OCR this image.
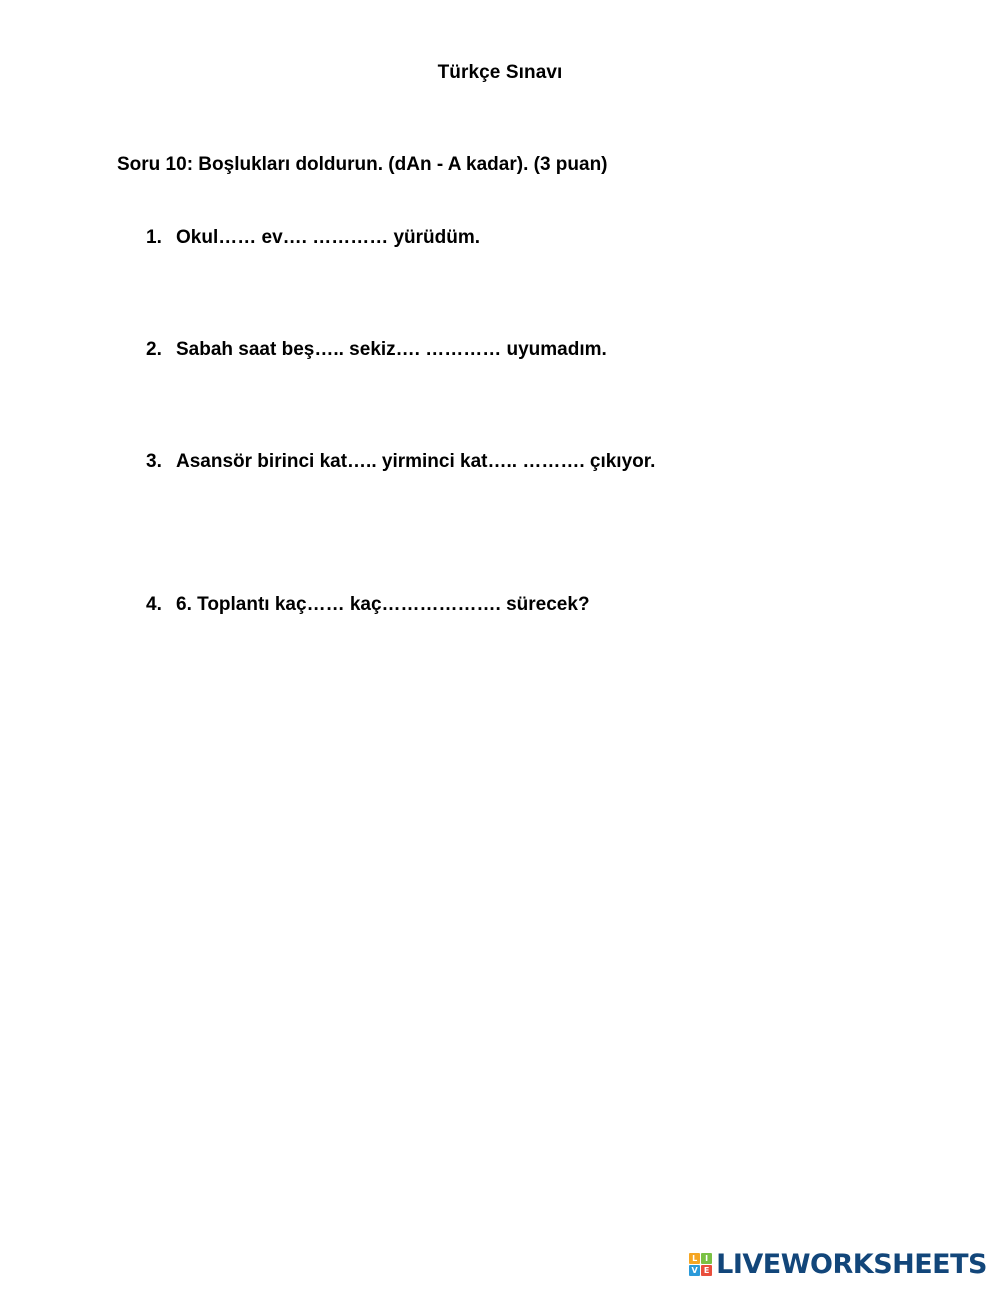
Türkçe Sınavı
Soru 10: Boşlukları doldurun. (dAn - A kadar). (3 puan)
1. Okul…… ev…. ………… yürüdüm.
2. Sabah saat beş….. sekiz…. ………… uyumadım.
3. Asansör birinci kat….. yirminci kat….. ………. çıkıyor.
4. 6. Toplantı kaç…… kaç………………. sürecek?
L I
V E LIVEWORKSHEETS
